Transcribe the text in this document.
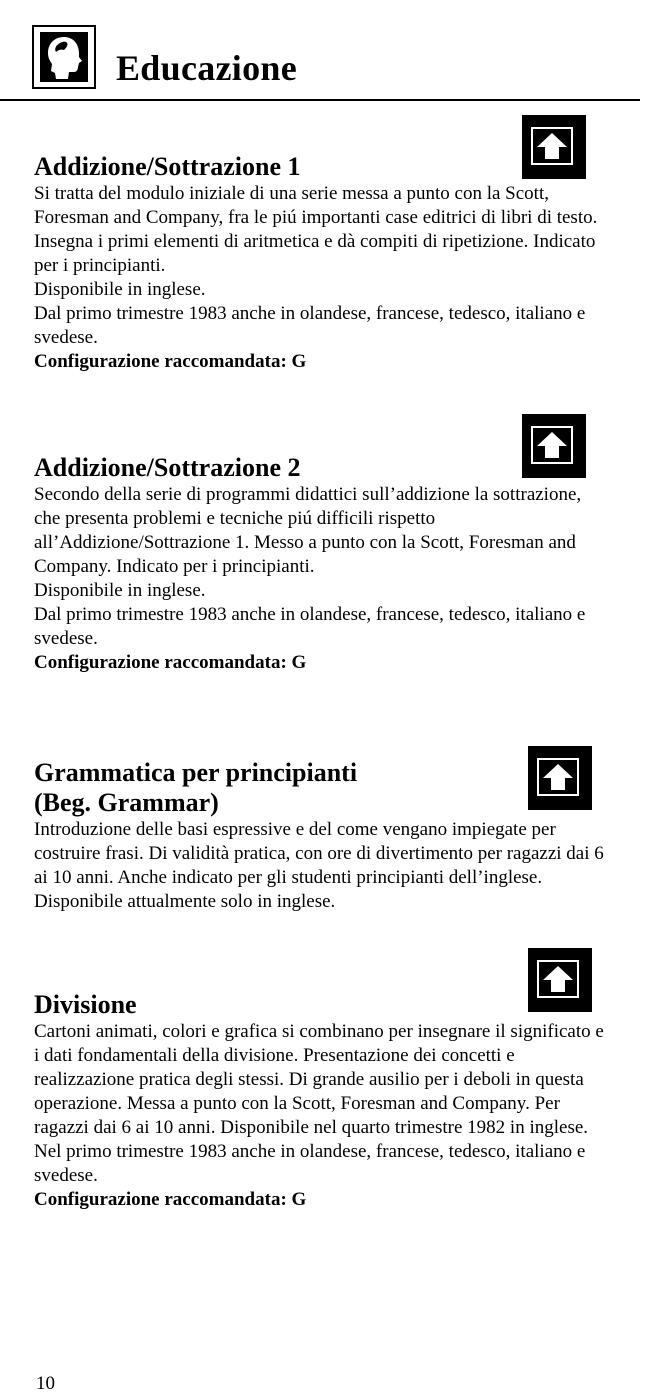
Educazione
Addizione/Sottrazione 1

Si tratta del modulo iniziale di una serie messa a punto con la Scott, Foresman and Company, fra le piú importanti case editrici di libri di testo. Insegna i primi elementi di aritmetica e dà compiti di ripetizione. Indicato per i principianti.

Disponibile in inglese.

Dal primo trimestre 1983 anche in olandese, francese, tedesco, italiano e svedese.

Configurazione raccomandata: G

Addizione/Sottrazione 2

Secondo della serie di programmi didattici sull’addizione la sottrazione, che presenta problemi e tecniche piú difficili rispetto all’Addizione/Sottrazione 1. Messo a punto con la Scott, Foresman and Company. Indicato per i principianti.

Disponibile in inglese.

Dal primo trimestre 1983 anche in olandese, francese, tedesco, italiano e svedese.

Configurazione raccomandata: G

Grammatica per principianti
(Beg. Grammar)

Introduzione delle basi espressive e del come vengano impiegate per costruire frasi. Di validità pratica, con ore di divertimento per ragazzi dai 6 ai 10 anni. Anche indicato per gli studenti principianti dell’inglese.

Disponibile attualmente solo in inglese.

Divisione

Cartoni animati, colori e grafica si combinano per insegnare il significato e i dati fondamentali della divisione. Presentazione dei concetti e realizzazione pratica degli stessi. Di grande ausilio per i deboli in questa operazione. Messa a punto con la Scott, Foresman and Company. Per ragazzi dai 6 ai 10 anni. Disponibile nel quarto trimestre 1982 in inglese.

Nel primo trimestre 1983 anche in olandese, francese, tedesco, italiano e svedese.

Configurazione raccomandata: G

10
